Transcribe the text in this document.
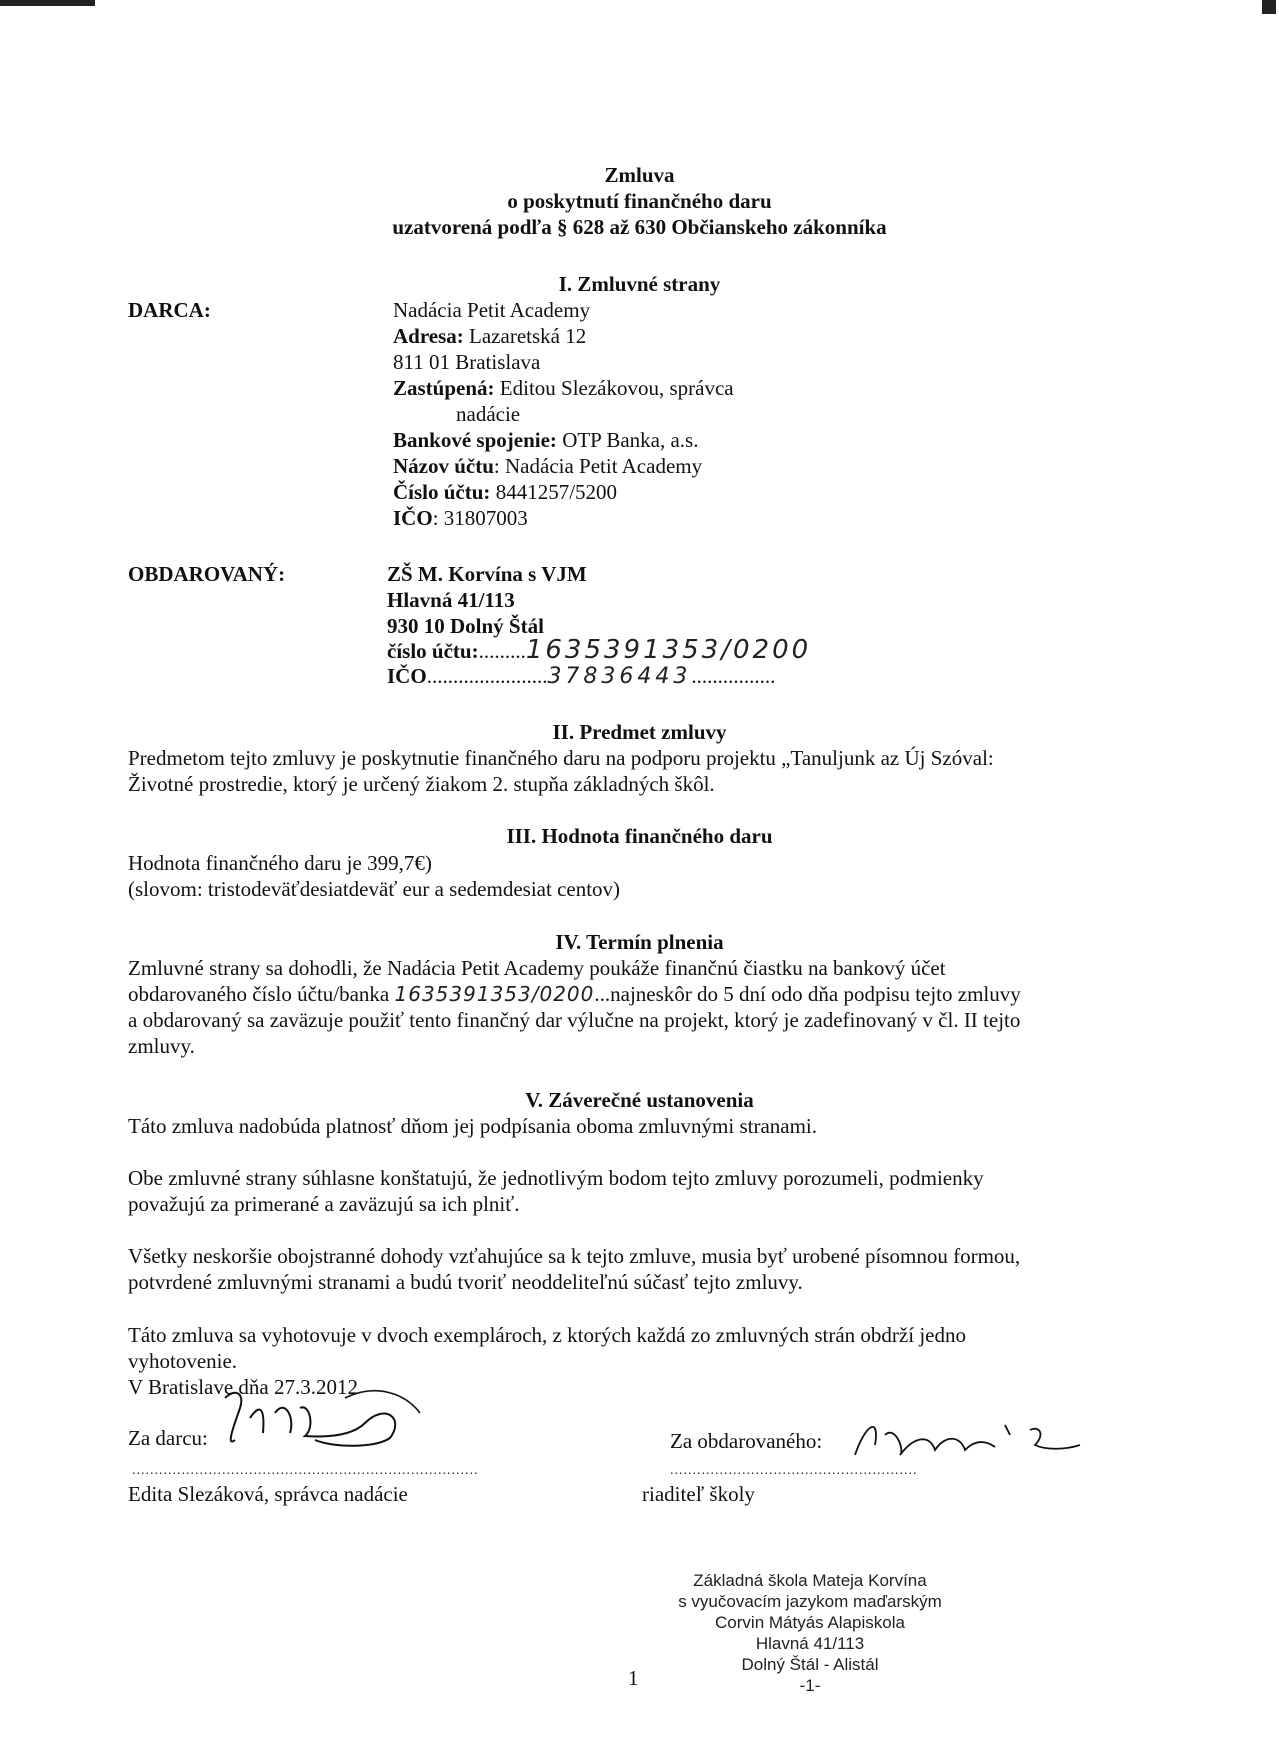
Zmluva
o poskytnutí finančného daru
uzatvorená podľa § 628 až 630 Občianskeho zákonníka
I. Zmluvné strany
DARCA:	Nadácia Petit Academy
Adresa: Lazaretská 12
811 01 Bratislava
Zastúpená: Editou Slezákovou, správca
nadácie
Bankové spojenie: OTP Banka, a.s.
Názov účtu: Nadácia Petit Academy
Číslo účtu: 8441257/5200
IČO: 31807003
OBDAROVANÝ:	ZŠ M. Korvína s VJM
Hlavná 41/113
930 10 Dolný Štál
číslo účtu:.........1635391353/0200
IČO.......................37836443................
II. Predmet zmluvy
Predmetom tejto zmluvy je poskytnutie finančného daru na podporu projektu „Tanuljunk az Új Szóval:
Životné prostredie, ktorý je určený žiakom 2. stupňa základných škôl.
III. Hodnota finančného daru
Hodnota finančného daru je 399,7€)
(slovom: tristodeväťdesiatdeväť eur a sedemdesiat centov)
IV. Termín plnenia
Zmluvné strany sa dohodli, že Nadácia Petit Academy poukáže finančnú čiastku na bankový účet
obdarovaného číslo účtu/banka 1635391353/0200...najneskôr do 5 dní odo dňa podpisu tejto zmluvy
a obdarovaný sa zaväzuje použiť tento finančný dar výlučne na projekt, ktorý je zadefinovaný v čl. II tejto
zmluvy.
V. Záverečné ustanovenia
Táto zmluva nadobúda platnosť dňom jej podpísania oboma zmluvnými stranami.
Obe zmluvné strany súhlasne konštatujú, že jednotlivým bodom tejto zmluvy porozumeli, podmienky
považujú za primerané a zaväzujú sa ich plniť.
Všetky neskoršie obojstranné dohody vzťahujúce sa k tejto zmluve, musia byť urobené písomnou formou,
potvrdené zmluvnými stranami a budú tvoriť neoddeliteľnú súčasť tejto zmluvy.
Táto zmluva sa vyhotovuje v dvoch exemplároch, z ktorých každá zo zmluvných strán obdrží jedno
vyhotovenie.
V Bratislave dňa 27.3.2012
Za darcu:
.............................................................................
Edita Slezáková, správca nadácie
Za obdarovaného:
.......................................................
riaditeľ školy
Základná škola Mateja Korvína
s vyučovacím jazykom maďarským
Corvin Mátyás Alapiskola
Hlavná 41/113
Dolný Štál - Alistál
-1-
1
